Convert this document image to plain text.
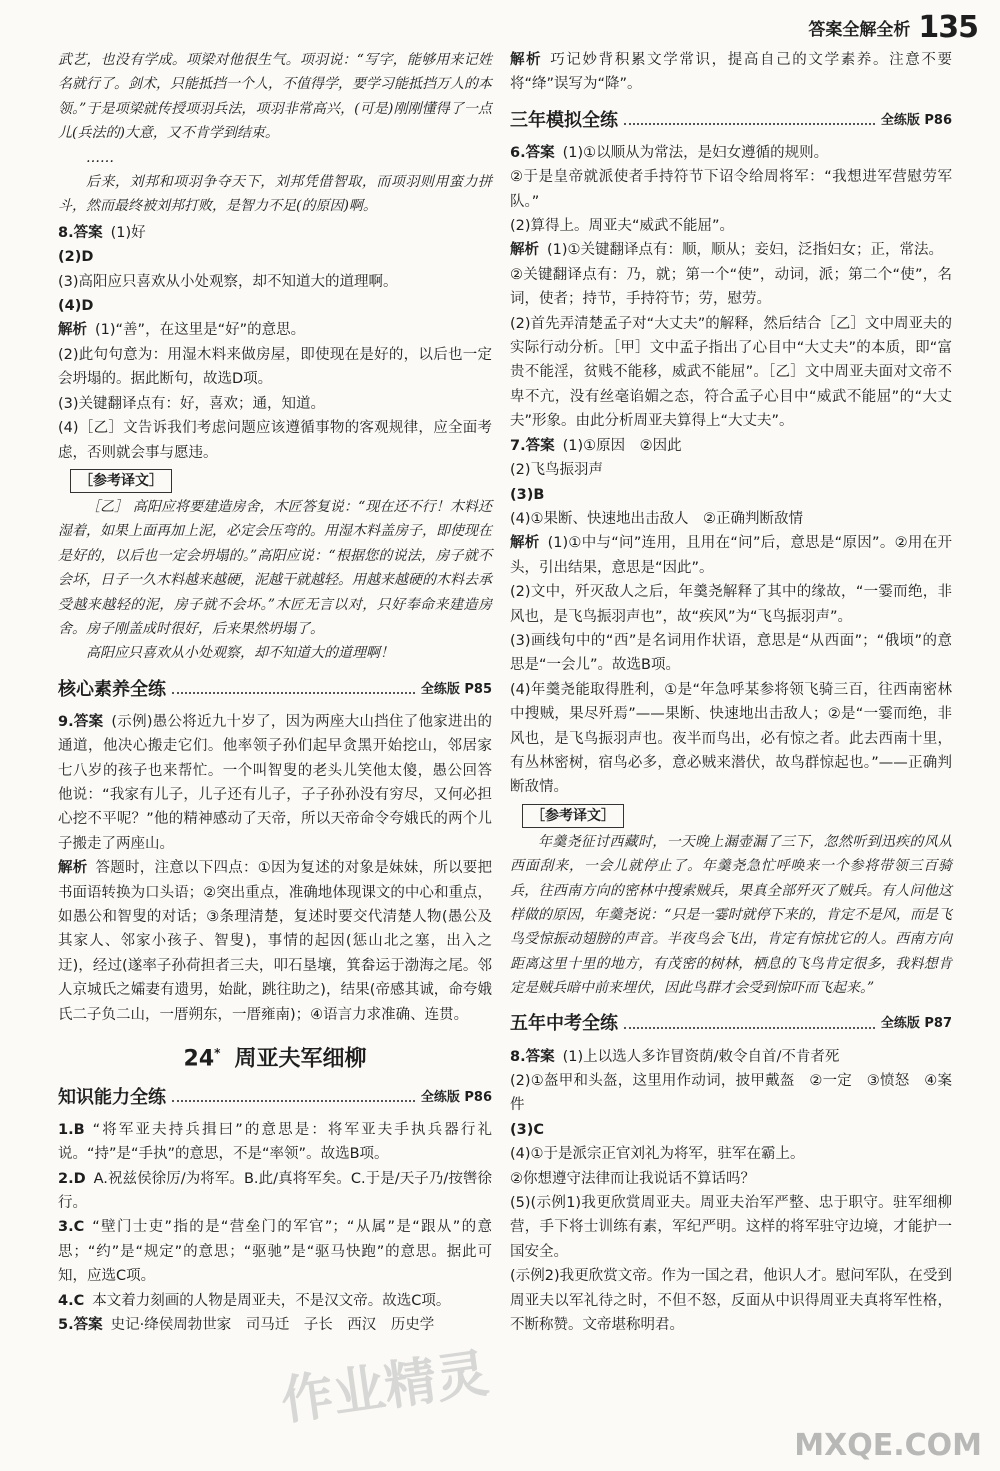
答案全解全析 135

武艺，也没有学成。项梁对他很生气。项羽说：“写字，能够用来记姓名就行了。剑术，只能抵挡一个人，不值得学，要学习能抵挡万人的本领。”于是项梁就传授项羽兵法，项羽非常高兴，(可是)刚刚懂得了一点儿(兵法的)大意，又不肯学到结束。

……

后来，刘邦和项羽争夺天下，刘邦凭借智取，而项羽则用蛮力拼斗，然而最终被刘邦打败，是智力不足(的原因)啊。

8.答案 (1)好

(2)D

(3)高阳应只喜欢从小处观察，却不知道大的道理啊。

(4)D

解析 (1)“善”，在这里是“好”的意思。

(2)此句句意为：用湿木料来做房屋，即使现在是好的，以后也一定会坍塌的。据此断句，故选D项。

(3)关键翻译点有：好，喜欢；通，知道。

(4)［乙］文告诉我们考虑问题应该遵循事物的客观规律，应全面考虑，否则就会事与愿违。

［参考译文］

［乙］ 高阳应将要建造房舍，木匠答复说：“现在还不行！木料还湿着，如果上面再加上泥，必定会压弯的。用湿木料盖房子，即使现在是好的，以后也一定会坍塌的。”高阳应说：“根据您的说法，房子就不会坏，日子一久木料越来越硬，泥越干就越轻。用越来越硬的木料去承受越来越轻的泥，房子就不会坏。”木匠无言以对，只好奉命来建造房舍。房子刚盖成时很好，后来果然坍塌了。

高阳应只喜欢从小处观察，却不知道大的道理啊！

核心素养全练	全练版 P85

9.答案 (示例)愚公将近九十岁了，因为两座大山挡住了他家进出的通道，他决心搬走它们。他率领子孙们起早贪黑开始挖山，邻居家七八岁的孩子也来帮忙。一个叫智叟的老头儿笑他太傻，愚公回答他说：“我家有儿子，儿子还有儿子，子子孙孙没有穷尽，又何必担心挖不平呢？”他的精神感动了天帝，所以天帝命令夸娥氏的两个儿子搬走了两座山。

解析 答题时，注意以下四点：①因为复述的对象是妹妹，所以要把书面语转换为口头语；②突出重点，准确地体现课文的中心和重点，如愚公和智叟的对话；③条理清楚，复述时要交代清楚人物(愚公及其家人、邻家小孩子、智叟)，事情的起因(惩山北之塞，出入之迂)，经过(遂率子孙荷担者三夫，叩石垦壤，箕畚运于渤海之尾。邻人京城氏之孀妻有遗男，始龀，跳往助之)，结果(帝感其诚，命夸娥氏二子负二山，一厝朔东，一厝雍南)；④语言力求准确、连贯。

24* 周亚夫军细柳
知识能力全练	全练版 P86

1.B “将军亚夫持兵揖曰”的意思是：将军亚夫手执兵器行礼说。“持”是“手执”的意思，不是“率领”。故选B项。

2.D A.祝兹侯徐厉/为将军。B.此/真将军矣。C.于是/天子乃/按辔徐行。

3.C “壁门士吏”指的是“营垒门的军官”；“从属”是“跟从”的意思；“约”是“规定”的意思；“驱驰”是“驱马快跑”的意思。据此可知，应选C项。

4.C 本文着力刻画的人物是周亚夫，不是汉文帝。故选C项。

5.答案 史记·绛侯周勃世家　司马迁　子长　西汉　历史学

解析 巧记妙背积累文学常识，提高自己的文学素养。注意不要将“绛”误写为“降”。

三年模拟全练	全练版 P86

6.答案 (1)①以顺从为常法，是妇女遵循的规则。

②于是皇帝就派使者手持符节下诏令给周将军：“我想进军营慰劳军队。”

(2)算得上。周亚夫“威武不能屈”。

解析 (1)①关键翻译点有：顺，顺从；妾妇，泛指妇女；正，常法。

②关键翻译点有：乃，就；第一个“使”，动词，派；第二个“使”，名词，使者；持节，手持符节；劳，慰劳。

(2)首先弄清楚孟子对“大丈夫”的解释，然后结合［乙］文中周亚夫的实际行动分析。［甲］文中孟子指出了心目中“大丈夫”的本质，即“富贵不能淫，贫贱不能移，威武不能屈”。［乙］文中周亚夫面对文帝不卑不亢，没有丝毫谄媚之态，符合孟子心目中“威武不能屈”的“大丈夫”形象。由此分析周亚夫算得上“大丈夫”。

7.答案 (1)①原因　②因此

(2)飞鸟振羽声

(3)B

(4)①果断、快速地出击敌人　②正确判断敌情

解析 (1)①中与“问”连用，且用在“问”后，意思是“原因”。②用在开头，引出结果，意思是“因此”。

(2)文中，歼灭敌人之后，年羹尧解释了其中的缘故，“一霎而绝，非风也，是飞鸟振羽声也”，故“疾风”为“飞鸟振羽声”。

(3)画线句中的“西”是名词用作状语，意思是“从西面”；“俄顷”的意思是“一会儿”。故选B项。

(4)年羹尧能取得胜利，①是“年急呼某参将领飞骑三百，往西南密林中搜贼，果尽歼焉”——果断、快速地出击敌人；②是“一霎而绝，非风也，是飞鸟振羽声也。夜半而鸟出，必有惊之者。此去西南十里，有丛林密树，宿鸟必多，意必贼来潜伏，故鸟群惊起也。”——正确判断敌情。

［参考译文］

年羹尧征讨西藏时，一天晚上漏壶漏了三下，忽然听到迅疾的风从西面刮来，一会儿就停止了。年羹尧急忙呼唤来一个参将带领三百骑兵，往西南方向的密林中搜索贼兵，果真全部歼灭了贼兵。有人问他这样做的原因，年羹尧说：“只是一霎时就停下来的，肯定不是风，而是飞鸟受惊振动翅膀的声音。半夜鸟会飞出，肯定有惊扰它的人。西南方向距离这里十里的地方，有茂密的树林，栖息的飞鸟肯定很多，我料想肯定是贼兵暗中前来埋伏，因此鸟群才会受到惊吓而飞起来。”

五年中考全练	全练版 P87

8.答案 (1)上以选人多诈冒资荫/敕令自首/不肯者死

(2)①盔甲和头盔，这里用作动词，披甲戴盔　②一定　③愤怒　④案件

(3)C

(4)①于是派宗正官刘礼为将军，驻军在霸上。

②你想遵守法律而让我说话不算话吗？

(5)(示例1)我更欣赏周亚夫。周亚夫治军严整、忠于职守。驻军细柳营，手下将士训练有素，军纪严明。这样的将军驻守边境，才能护一国安全。

(示例2)我更欣赏文帝。作为一国之君，他识人才。慰问军队，在受到周亚夫以军礼待之时，不但不怒，反面从中识得周亚夫真将军性格，不断称赞。文帝堪称明君。

作业精灵
MXQE.COM
